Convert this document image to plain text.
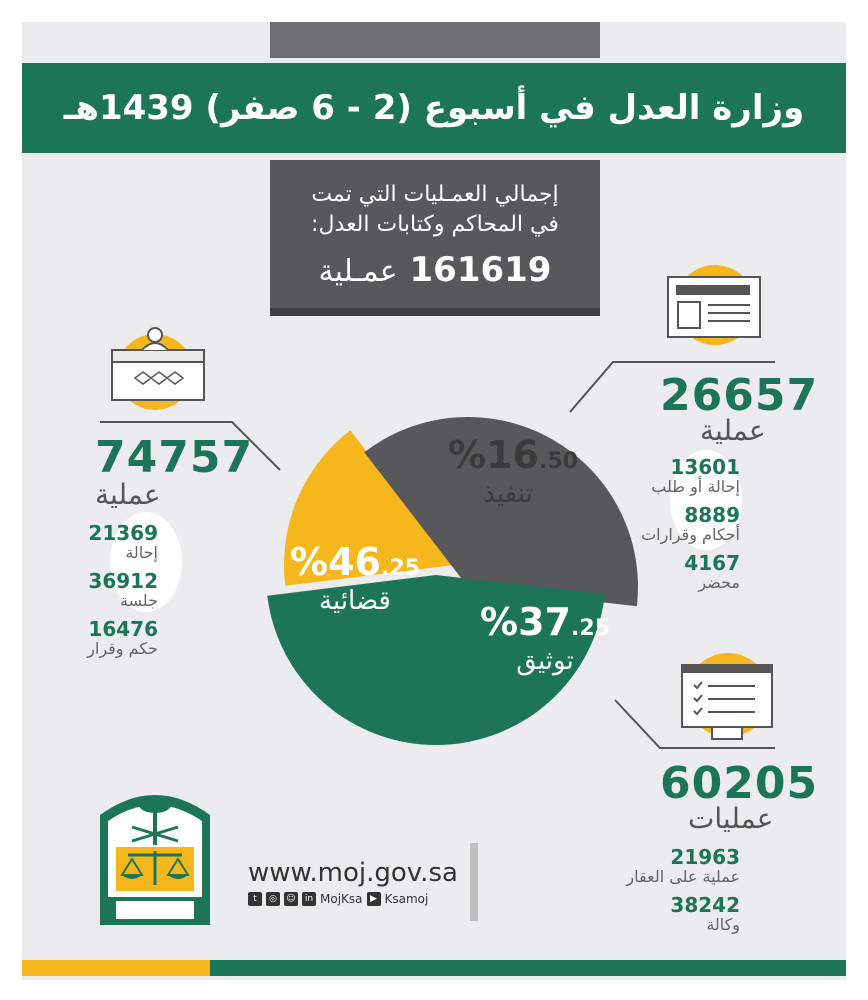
وزارة العدل في أسبوع (2 - 6 صفر) 1439هـ
إجمالي العمـليات التي تمت
في المحاكم وكتابات العدل:
161619 عمـلية
%46.25
قضائية
%16.50
تنفيذ
%37.25
توثيق
74757
عملية
21369
إحالة
36912
جلسة
16476
حكم وقرار
26657
عملية
13601
إحالة أو طلب
8889
أحكام وقرارات
4167
محضر
60205
عمليات
21963
عملية على العقار
38242
وكالة
www.moj.gov.sa
t	◎	☺	in MojKsa ▶ Ksamoj
